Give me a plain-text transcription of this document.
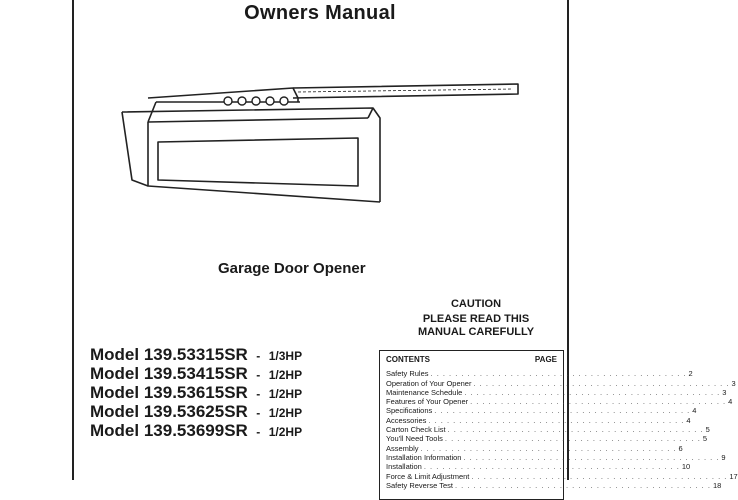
Owners Manual
Garage Door Opener
CAUTION
PLEASE READ THIS
MANUAL CAREFULLY
Model 139.53315SR - 1/3HP
Model 139.53415SR - 1/2HP
Model 139.53615SR - 1/2HP
Model 139.53625SR - 1/2HP
Model 139.53699SR - 1/2HP
CONTENTS	PAGE
Safety Rules . . . . . . . . . . . . . . . . . . . . . . . . . . . . . . . . . . . . . . . . . . 2
Operation of Your Opener . . . . . . . . . . . . . . . . . . . . . . . . . . . . . . . . . . . . . . . . . . 3
Maintenance Schedule . . . . . . . . . . . . . . . . . . . . . . . . . . . . . . . . . . . . . . . . . . 3
Features of Your Opener . . . . . . . . . . . . . . . . . . . . . . . . . . . . . . . . . . . . . . . . . . 4
Specifications . . . . . . . . . . . . . . . . . . . . . . . . . . . . . . . . . . . . . . . . . . 4
Accessories . . . . . . . . . . . . . . . . . . . . . . . . . . . . . . . . . . . . . . . . . . 4
Carton Check List . . . . . . . . . . . . . . . . . . . . . . . . . . . . . . . . . . . . . . . . . . 5
You'll Need Tools . . . . . . . . . . . . . . . . . . . . . . . . . . . . . . . . . . . . . . . . . . 5
Assembly . . . . . . . . . . . . . . . . . . . . . . . . . . . . . . . . . . . . . . . . . . 6
Installation Information . . . . . . . . . . . . . . . . . . . . . . . . . . . . . . . . . . . . . . . . . . 9
Installation . . . . . . . . . . . . . . . . . . . . . . . . . . . . . . . . . . . . . . . . . . 10
Force & Limit Adjustment . . . . . . . . . . . . . . . . . . . . . . . . . . . . . . . . . . . . . . . . . . 17
Safety Reverse Test . . . . . . . . . . . . . . . . . . . . . . . . . . . . . . . . . . . . . . . . . . 18
